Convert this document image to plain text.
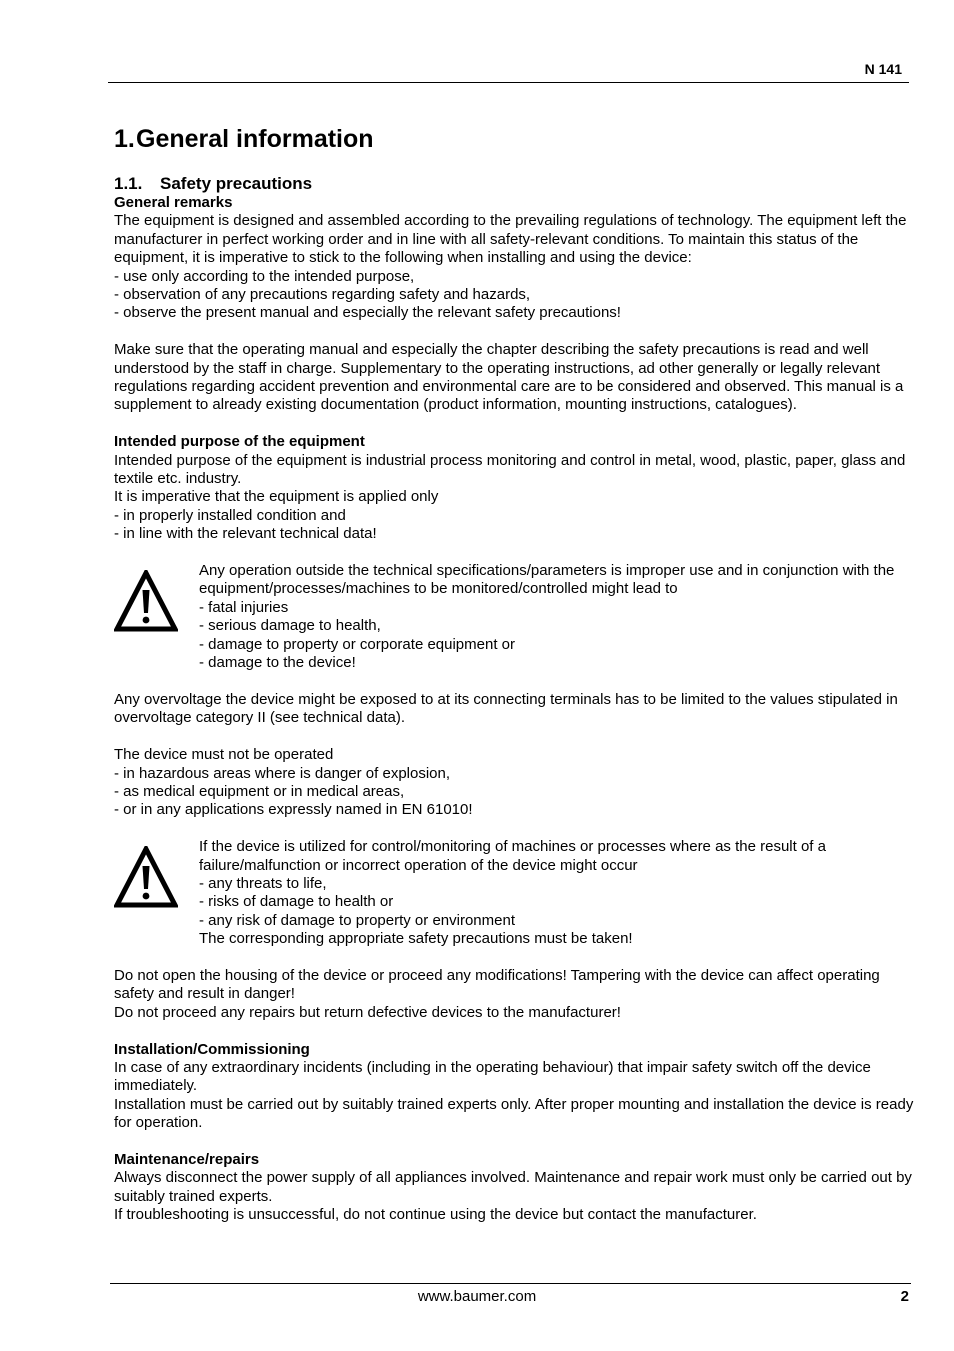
N 141
1.General information
1.1. Safety precautions

General remarks

The equipment is designed and assembled according to the prevailing regulations of technology. The equipment left the manufacturer in perfect working order and in line with all safety-relevant conditions. To maintain this status of the equipment, it is imperative to stick to the following when installing and using the device:

- use only according to the intended purpose,

- observation of any precautions regarding safety and hazards,

- observe the present manual and especially the relevant safety precautions!

Make sure that the operating manual and especially the chapter describing the safety precautions is read and well understood by the staff in charge. Supplementary to the operating instructions, ad other generally or legally relevant regulations regarding accident prevention and environmental care are to be considered and observed. This manual is a supplement to already existing documentation (product information, mounting instructions, catalogues).

Intended purpose of the equipment

Intended purpose of the equipment is industrial process monitoring and control in metal, wood, plastic, paper, glass and textile etc. industry.

It is imperative that the equipment is applied only

- in properly installed condition and

- in line with the relevant technical data!

Any operation outside the technical specifications/parameters is improper use and in conjunction with the equipment/processes/machines to be monitored/controlled might lead to

- fatal injuries

- serious damage to health,

- damage to property or corporate equipment or

- damage to the device!

Any overvoltage the device might be exposed to at its connecting terminals has to be limited to the values stipulated in overvoltage category II (see technical data).

The device must not be operated

- in hazardous areas where is danger of explosion,

- as medical equipment or in medical areas,

- or in any applications expressly named in EN 61010!

If the device is utilized for control/monitoring of machines or processes where as the result of a failure/malfunction or incorrect operation of the device might occur

- any threats to life,

- risks of damage to health or

- any risk of damage to property or environment

The corresponding appropriate safety precautions must be taken!

Do not open the housing of the device or proceed any modifications! Tampering with the device can affect operating safety and result in danger!

Do not proceed any repairs but return defective devices to the manufacturer!

Installation/Commissioning

In case of any extraordinary incidents (including in the operating behaviour) that impair safety switch off the device immediately.

Installation must be carried out by suitably trained experts only. After proper mounting and installation the device is ready for operation.

Maintenance/repairs

Always disconnect the power supply of all appliances involved. Maintenance and repair work must only be carried out by suitably trained experts.

If troubleshooting is unsuccessful, do not continue using the device but contact the manufacturer.

www.baumer.com	2
